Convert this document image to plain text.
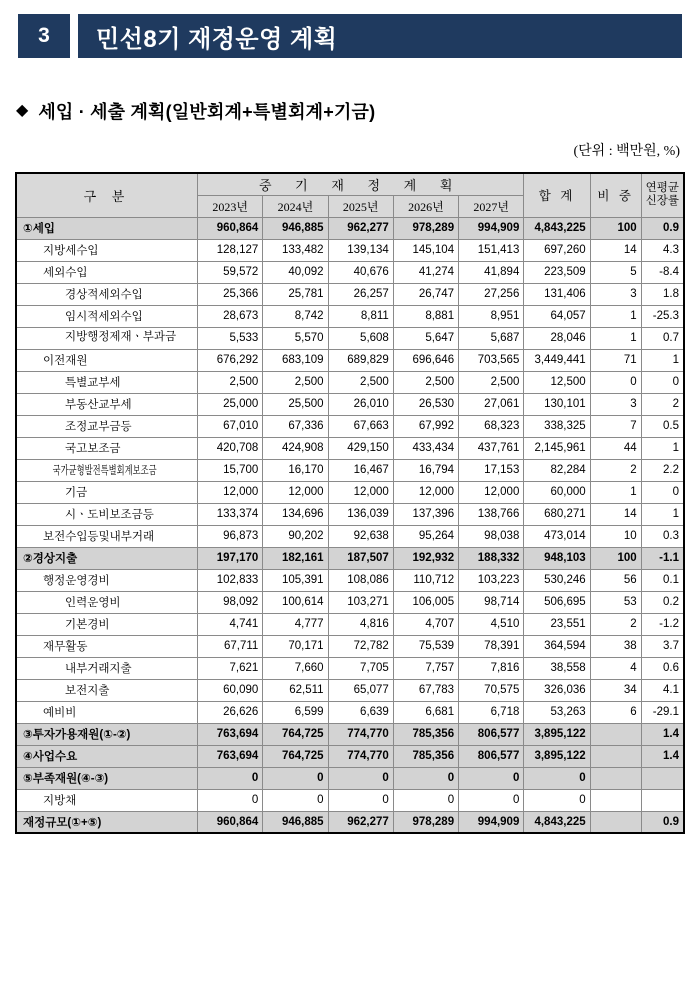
3	민선8기 재정운영 계획
◆ 세입 · 세출 계획(일반회계+특별회계+기금)
(단위 : 백만원, %)
구 분	중 기 재 정 계 획					합 계	비 중	연평균
신장률
	2023년	2024년	2025년	2026년	2027년			
①세입	960,864	946,885	962,277	978,289	994,909	4,843,225	100	0.9
지방세수입	128,127	133,482	139,134	145,104	151,413	697,260	14	4.3
세외수입	59,572	40,092	40,676	41,274	41,894	223,509	5	-8.4
경상적세외수입	25,366	25,781	26,257	26,747	27,256	131,406	3	1.8
임시적세외수입	28,673	8,742	8,811	8,881	8,951	64,057	1	-25.3
지방행정제재ㆍ부과금	5,533	5,570	5,608	5,647	5,687	28,046	1	0.7
이전재원	676,292	683,109	689,829	696,646	703,565	3,449,441	71	1
특별교부세	2,500	2,500	2,500	2,500	2,500	12,500	0	0
부동산교부세	25,000	25,500	26,010	26,530	27,061	130,101	3	2
조정교부금등	67,010	67,336	67,663	67,992	68,323	338,325	7	0.5
국고보조금	420,708	424,908	429,150	433,434	437,761	2,145,961	44	1
국가균형발전특별회계보조금	15,700	16,170	16,467	16,794	17,153	82,284	2	2.2
기금	12,000	12,000	12,000	12,000	12,000	60,000	1	0
시ㆍ도비보조금등	133,374	134,696	136,039	137,396	138,766	680,271	14	1
보전수입등및내부거래	96,873	90,202	92,638	95,264	98,038	473,014	10	0.3
②경상지출	197,170	182,161	187,507	192,932	188,332	948,103	100	-1.1
행정운영경비	102,833	105,391	108,086	110,712	103,223	530,246	56	0.1
인력운영비	98,092	100,614	103,271	106,005	98,714	506,695	53	0.2
기본경비	4,741	4,777	4,816	4,707	4,510	23,551	2	-1.2
재무활동	67,711	70,171	72,782	75,539	78,391	364,594	38	3.7
내부거래지출	7,621	7,660	7,705	7,757	7,816	38,558	4	0.6
보전지출	60,090	62,511	65,077	67,783	70,575	326,036	34	4.1
예비비	26,626	6,599	6,639	6,681	6,718	53,263	6	-29.1
③투자가용재원(①-②)	763,694	764,725	774,770	785,356	806,577	3,895,122		1.4
④사업수요	763,694	764,725	774,770	785,356	806,577	3,895,122		1.4
⑤부족재원(④-③)	0	0	0	0	0	0		
지방채	0	0	0	0	0	0		
재정규모(①+⑤)	960,864	946,885	962,277	978,289	994,909	4,843,225		0.9
